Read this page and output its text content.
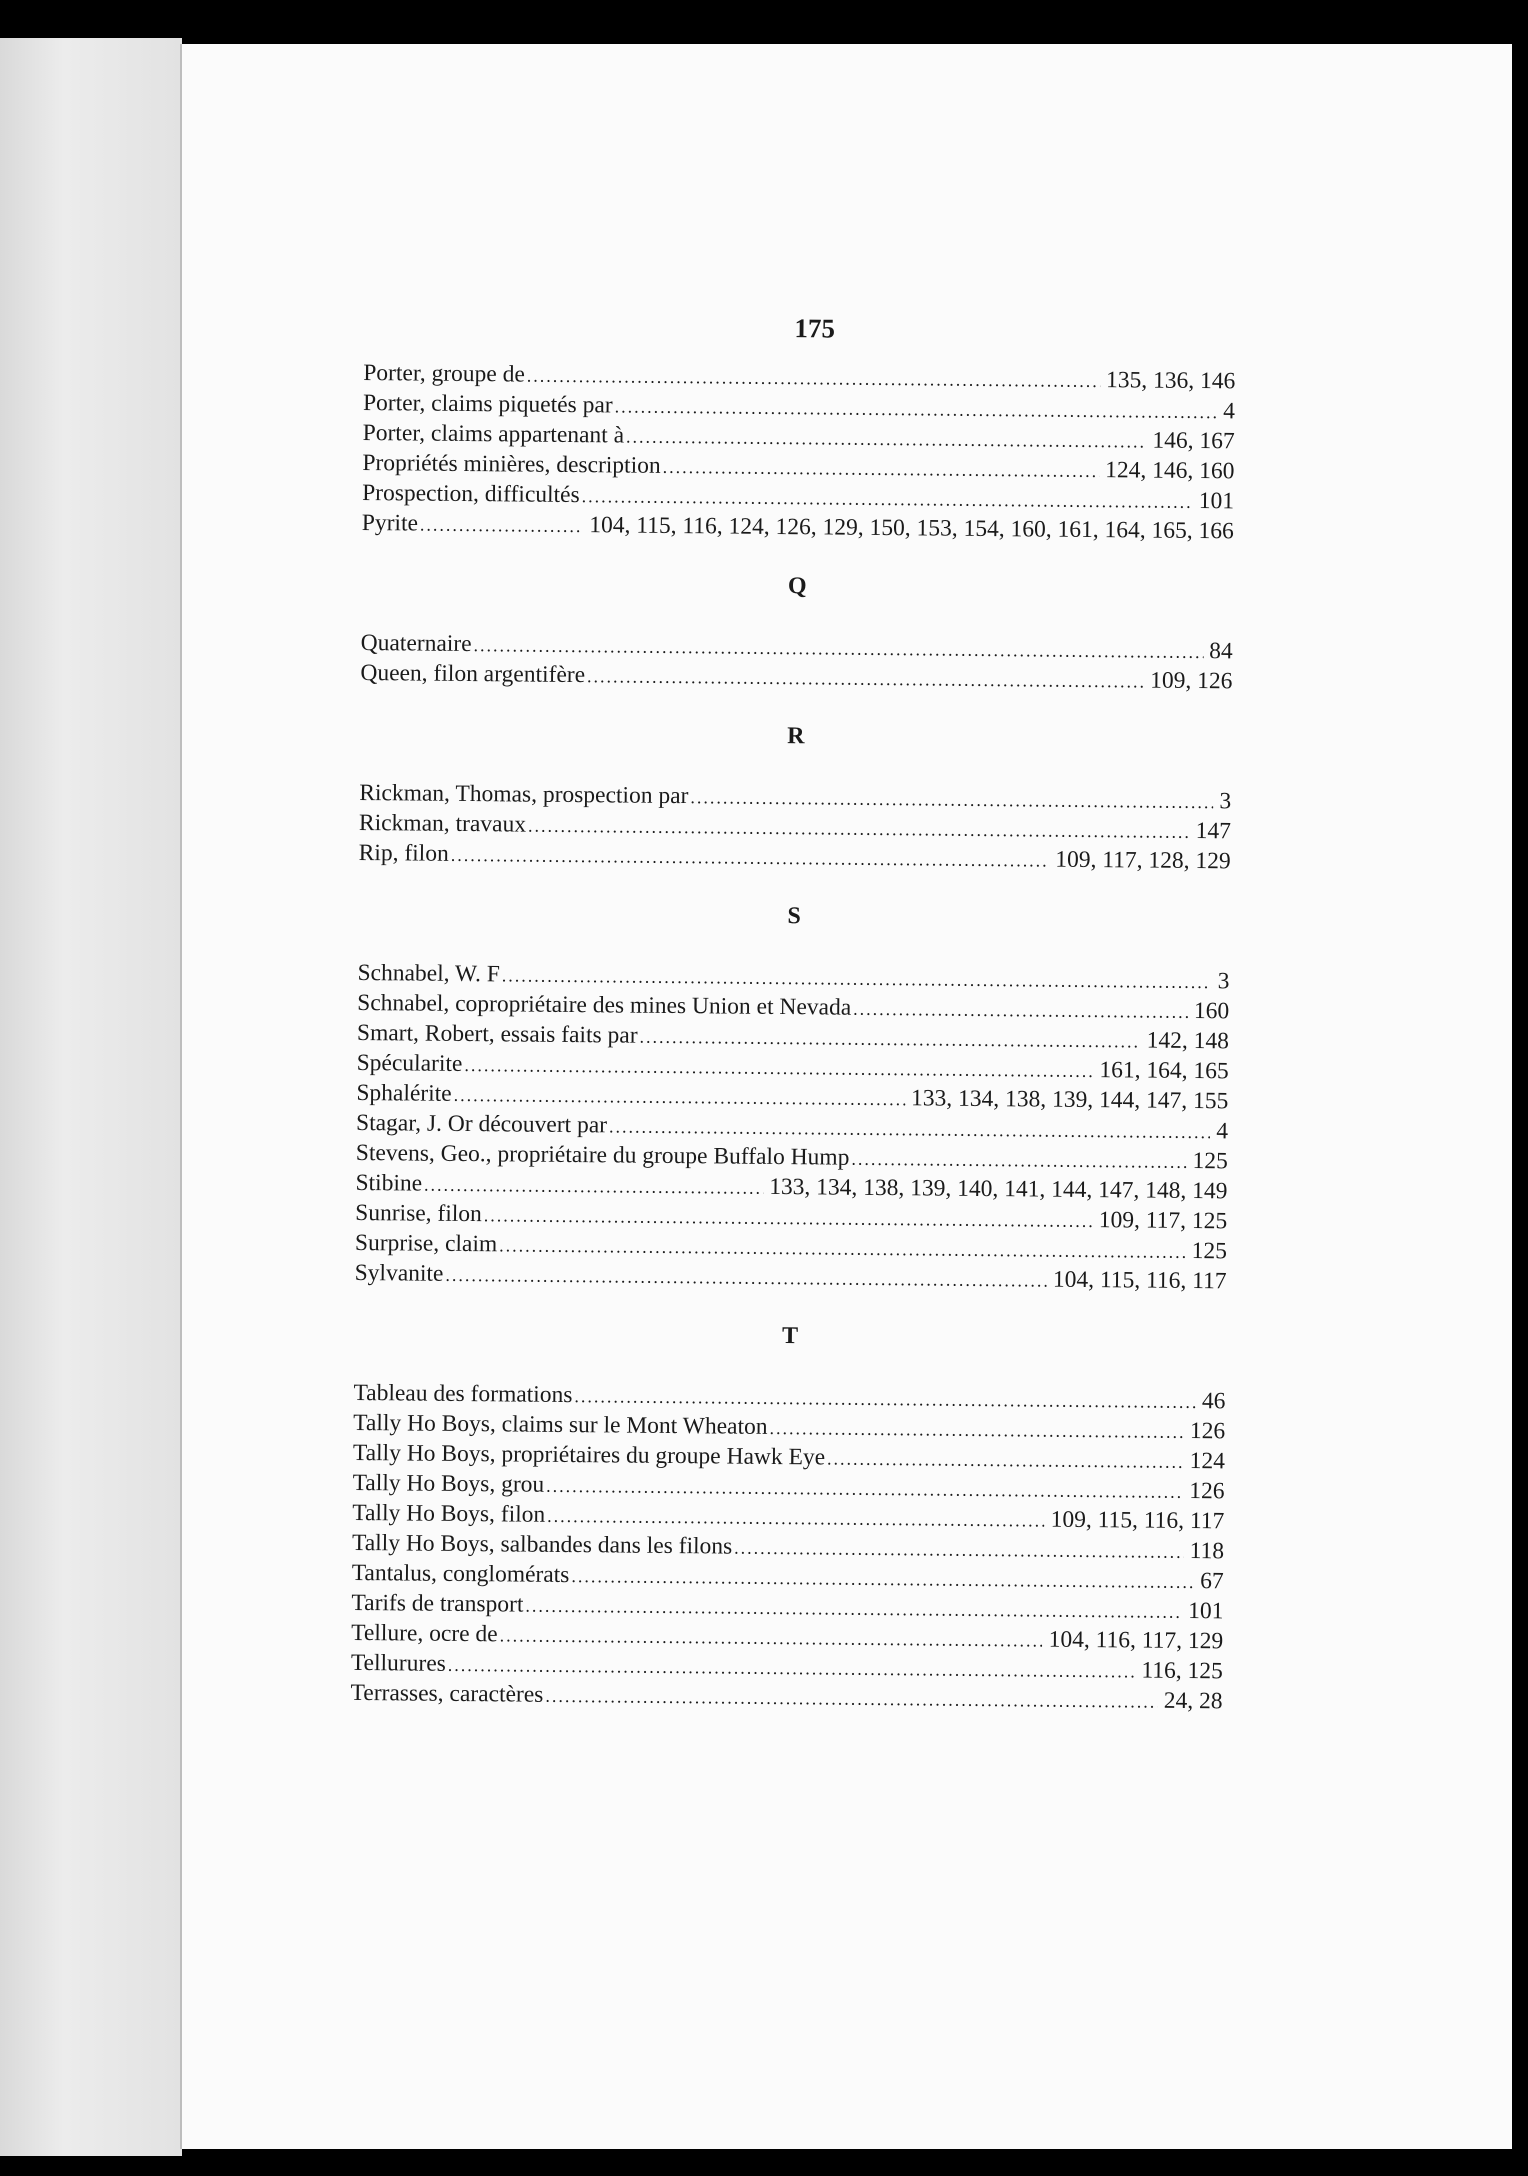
175
Porter, groupe de .....	135, 136, 146
Porter, claims piquetés par .....	4
Porter, claims appartenant à .....	146, 167
Propriétés minières, description .....	124, 146, 160
Prospection, difficultés .....	101
Pyrite .....	104, 115, 116, 124, 126, 129, 150, 153, 154, 160, 161, 164, 165, 166
Q
Quaternaire .....	84
Queen, filon argentifère .....	109, 126
R
Rickman, Thomas, prospection par .....	3
Rickman, travaux .....	147
Rip, filon .....	109, 117, 128, 129
S
Schnabel, W. F .....	3
Schnabel, copropriétaire des mines Union et Nevada .....	160
Smart, Robert, essais faits par .....	142, 148
Spécularite .....	161, 164, 165
Sphalérite .....	133, 134, 138, 139, 144, 147, 155
Stagar, J. Or découvert par .....	4
Stevens, Geo., propriétaire du groupe Buffalo Hump .....	125
Stibine .....	133, 134, 138, 139, 140, 141, 144, 147, 148, 149
Sunrise, filon .....	109, 117, 125
Surprise, claim .....	125
Sylvanite .....	104, 115, 116, 117
T
Tableau des formations .....	46
Tally Ho Boys, claims sur le Mont Wheaton .....	126
Tally Ho Boys, propriétaires du groupe Hawk Eye .....	124
Tally Ho Boys, grou .....	126
Tally Ho Boys, filon .....	109, 115, 116, 117
Tally Ho Boys, salbandes dans les filons .....	118
Tantalus, conglomérats .....	67
Tarifs de transport .....	101
Tellure, ocre de .....	104, 116, 117, 129
Tellurures .....	116, 125
Terrasses, caractères .....	24, 28
